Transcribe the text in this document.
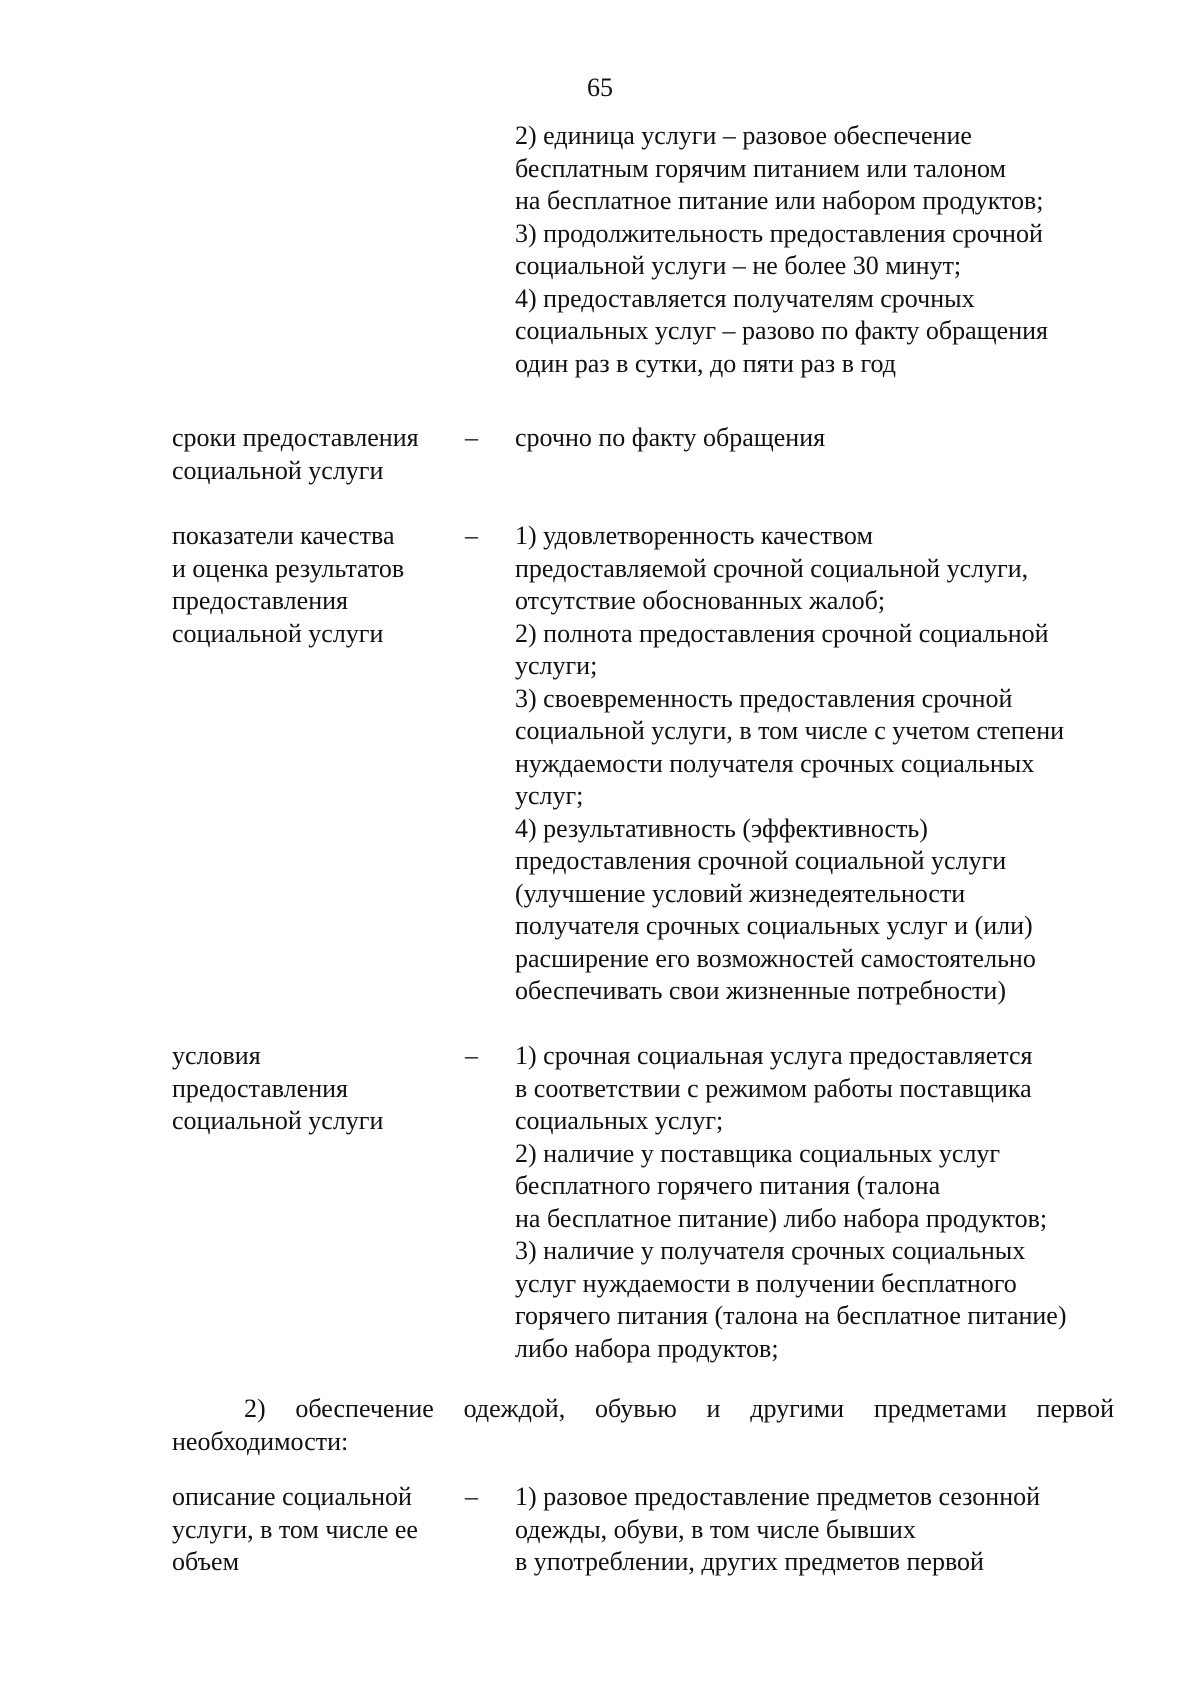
65
2) единица услуги – разовое обеспечение
бесплатным горячим питанием или талоном
на бесплатное питание или набором продуктов;
3) продолжительность предоставления срочной
социальной услуги – не более 30 минут;
4) предоставляется получателям срочных
социальных услуг – разово по факту обращения
один раз в сутки, до пяти раз в год
сроки предоставления
социальной услуги
– срочно по факту обращения
показатели качества
и оценка результатов
предоставления
социальной услуги
– 1) удовлетворенность качеством
предоставляемой срочной социальной услуги,
отсутствие обоснованных жалоб;
2) полнота предоставления срочной социальной
услуги;
3) своевременность предоставления срочной
социальной услуги, в том числе с учетом степени
нуждаемости получателя срочных социальных
услуг;
4) результативность (эффективность)
предоставления срочной социальной услуги
(улучшение условий жизнедеятельности
получателя срочных социальных услуг и (или)
расширение его возможностей самостоятельно
обеспечивать свои жизненные потребности)
условия
предоставления
социальной услуги
– 1) срочная социальная услуга предоставляется
в соответствии с режимом работы поставщика
социальных услуг;
2) наличие у поставщика социальных услуг
бесплатного горячего питания (талона
на бесплатное питание) либо набора продуктов;
3) наличие у получателя срочных социальных
услуг нуждаемости в получении бесплатного
горячего питания (талона на бесплатное питание)
либо набора продуктов;
2) обеспечение одеждой, обувью и другими предметами первой
необходимости:
описание социальной
услуги, в том числе ее
объем
– 1) разовое предоставление предметов сезонной
одежды, обуви, в том числе бывших
в употреблении, других предметов первой
